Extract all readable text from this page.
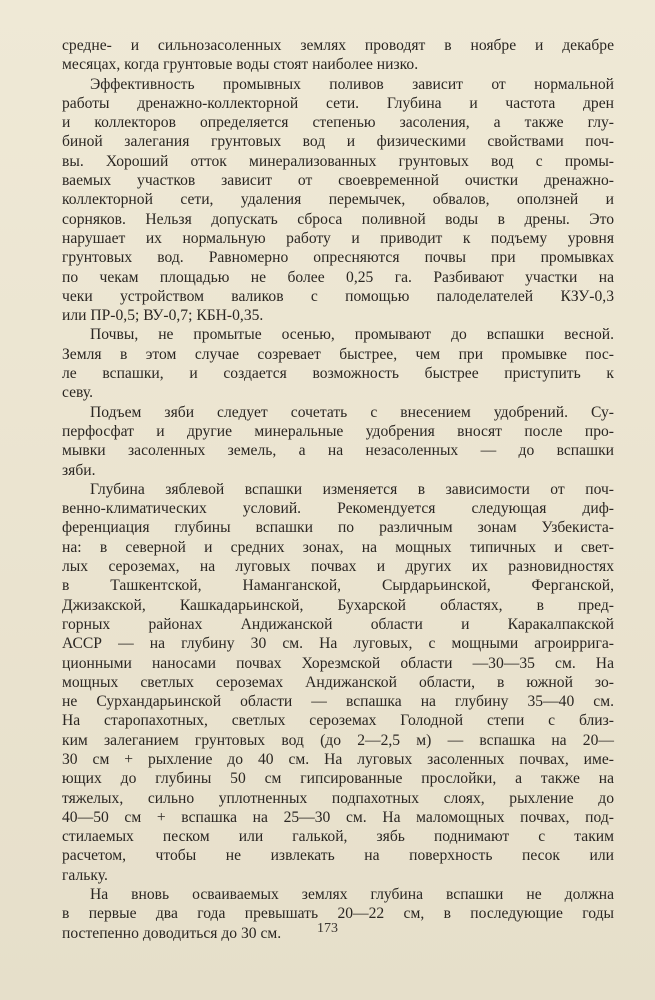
средне- и сильнозасоленных землях проводят в ноябре и декабре
месяцах, когда грунтовые воды стоят наиболее низко.
Эффективность промывных поливов зависит от нормальной
работы дренажно-коллекторной сети. Глубина и частота дрен
и коллекторов определяется степенью засоления, а также глу-
биной залегания грунтовых вод и физическими свойствами поч-
вы. Хороший отток минерализованных грунтовых вод с промы-
ваемых участков зависит от своевременной очистки дренажно-
коллекторной сети, удаления перемычек, обвалов, оползней и
сорняков. Нельзя допускать сброса поливной воды в дрены. Это
нарушает их нормальную работу и приводит к подъему уровня
грунтовых вод. Равномерно опресняются почвы при промывках
по чекам площадью не более 0,25 га. Разбивают участки на
чеки устройством валиков с помощью палоделателей КЗУ-0,3
или ПР-0,5; ВУ-0,7; КБН-0,35.
Почвы, не промытые осенью, промывают до вспашки весной.
Земля в этом случае созревает быстрее, чем при промывке пос-
ле вспашки, и создается возможность быстрее приступить к
севу.
Подъем зяби следует сочетать с внесением удобрений. Су-
перфосфат и другие минеральные удобрения вносят после про-
мывки засоленных земель, а на незасоленных — до вспашки
зяби.
Глубина зяблевой вспашки изменяется в зависимости от поч-
венно-климатических условий. Рекомендуется следующая диф-
ференциация глубины вспашки по различным зонам Узбекиста-
на: в северной и средних зонах, на мощных типичных и свет-
лых сероземах, на луговых почвах и других их разновидностях
в Ташкентской, Наманганской, Сырдарьинской, Ферганской,
Джизакской, Кашкадарьинской, Бухарской областях, в пред-
горных районах Андижанской области и Каракалпакской
АССР — на глубину 30 см. На луговых, с мощными агроирригa-
ционными наносами почвах Хорезмской области —30—35 см. На
мощных светлых сероземах Андижанской области, в южной зо-
не Сурхандарьинской области — вспашка на глубину 35—40 см.
На старопахотных, светлых сероземах Голодной степи с близ-
ким залеганием грунтовых вод (до 2—2,5 м) — вспашка на 20—
30 см + рыхление до 40 см. На луговых засоленных почвах, име-
ющих до глубины 50 см гипсированные прослойки, а также на
тяжелых, сильно уплотненных подпахотных слоях, рыхление до
40—50 см + вспашка на 25—30 см. На маломощных почвах, под-
стилаемых песком или галькой, зябь поднимают с таким
расчетом, чтобы не извлекать на поверхность песок или
гальку.
На вновь осваиваемых землях глубина вспашки не должна
в первые два года превышать 20—22 см, в последующие годы
постепенно доводиться до 30 см.	173
